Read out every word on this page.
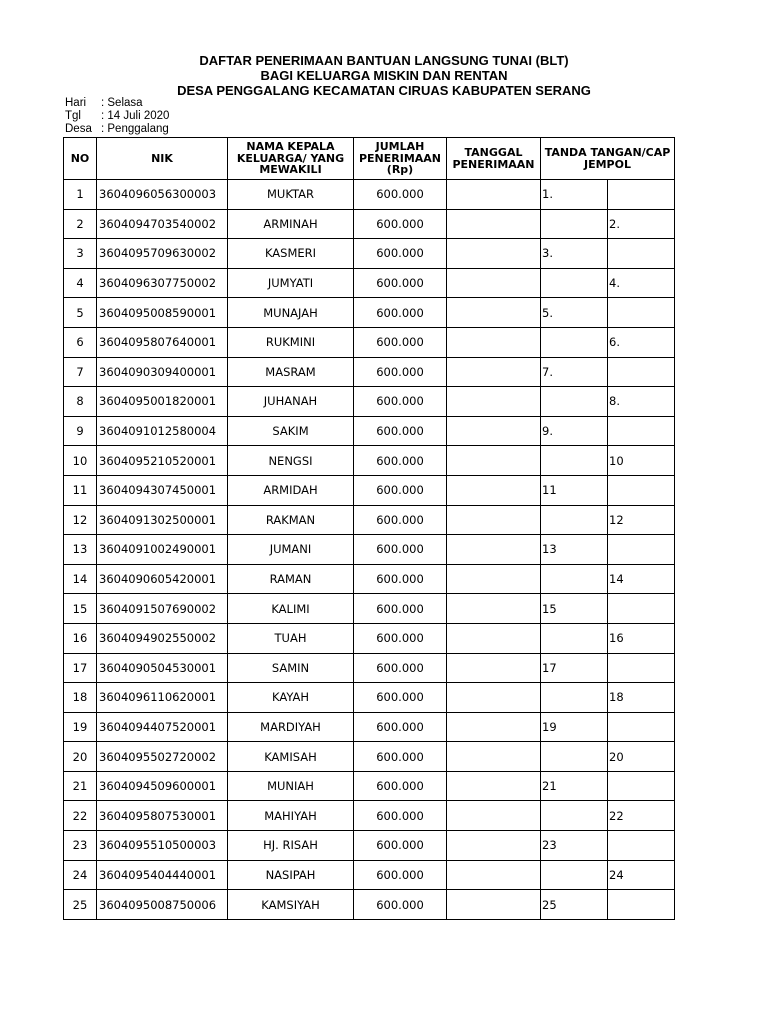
DAFTAR PENERIMAAN BANTUAN LANGSUNG TUNAI (BLT)
BAGI KELUARGA MISKIN DAN RENTAN
DESA PENGGALANG KECAMATAN CIRUAS KABUPATEN SERANG
Hari : Selasa
Tgl : 14 Juli 2020
Desa : Penggalang
NO	NIK	NAMA KEPALA KELUARGA/ YANG MEWAKILI	JUMLAH PENERIMAAN (Rp)	TANGGAL PENERIMAAN	TANDA TANGAN/CAP JEMPOL	
1	3604096056300003	MUKTAR	600.000		1.	
2	3604094703540002	ARMINAH	600.000			2.
3	3604095709630002	KASMERI	600.000		3.	
4	3604096307750002	JUMYATI	600.000			4.
5	3604095008590001	MUNAJAH	600.000		5.	
6	3604095807640001	RUKMINI	600.000			6.
7	3604090309400001	MASRAM	600.000		7.	
8	3604095001820001	JUHANAH	600.000			8.
9	3604091012580004	SAKIM	600.000		9.	
10	3604095210520001	NENGSI	600.000			10
11	3604094307450001	ARMIDAH	600.000		11	
12	3604091302500001	RAKMAN	600.000			12
13	3604091002490001	JUMANI	600.000		13	
14	3604090605420001	RAMAN	600.000			14
15	3604091507690002	KALIMI	600.000		15	
16	3604094902550002	TUAH	600.000			16
17	3604090504530001	SAMIN	600.000		17	
18	3604096110620001	KAYAH	600.000			18
19	3604094407520001	MARDIYAH	600.000		19	
20	3604095502720002	KAMISAH	600.000			20
21	3604094509600001	MUNIAH	600.000		21	
22	3604095807530001	MAHIYAH	600.000			22
23	3604095510500003	HJ. RISAH	600.000		23	
24	3604095404440001	NASIPAH	600.000			24
25	3604095008750006	KAMSIYAH	600.000		25	
